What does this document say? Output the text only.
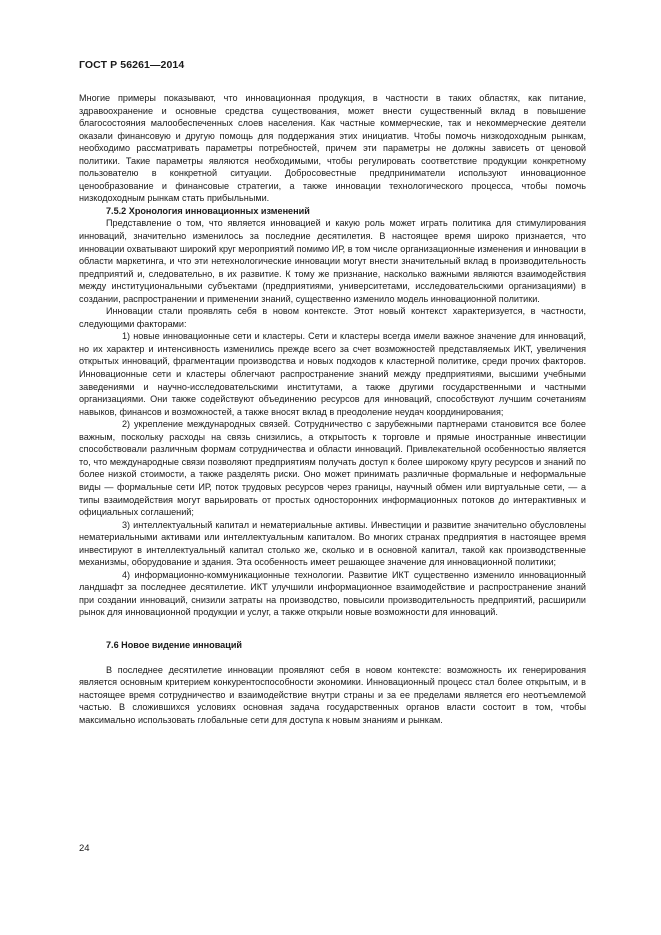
ГОСТ Р 56261—2014

Многие примеры показывают, что инновационная продукция, в частности в таких областях, как питание, здравоохранение и основные средства существования, может внести существенный вклад в повышение благосостояния малообеспеченных слоев населения. Как частные коммерческие, так и некоммерческие деятели оказали финансовую и другую помощь для поддержания этих инициатив. Чтобы помочь низкодоходным рынкам, необходимо рассматривать параметры потребностей, причем эти параметры не должны зависеть от ценовой политики. Такие параметры являются необходимыми, чтобы регулировать соответствие продукции конкретному пользователю в конкретной ситуации. Добросовестные предприниматели используют инновационное ценообразование и финансовые стратегии, а также инновации технологического процесса, чтобы помочь низкодоходным рынкам стать прибыльными.

7.5.2 Хронология инновационных изменений

Представление о том, что является инновацией и какую роль может играть политика для стимулирования инноваций, значительно изменилось за последние десятилетия. В настоящее время широко признается, что инновации охватывают широкий круг мероприятий помимо ИР, в том числе организационные изменения и инновации в области маркетинга, и что эти нетехнологические инновации могут внести значительный вклад в производительность предприятий и, следовательно, в их развитие. К тому же признание, насколько важными являются взаимодействия между институциональными субъектами (предприятиями, университетами, исследовательскими организациями) в создании, распространении и применении знаний, существенно изменило модель инновационной политики.

Инновации стали проявлять себя в новом контексте. Этот новый контекст характеризуется, в частности, следующими факторами:

1) новые инновационные сети и кластеры. Сети и кластеры всегда имели важное значение для инноваций, но их характер и интенсивность изменились прежде всего за счет возможностей представляемых ИКТ, увеличения открытых инноваций, фрагментации производства и новых подходов к кластерной политике, среди прочих факторов. Инновационные сети и кластеры облегчают распространение знаний между предприятиями, высшими учебными заведениями и научно-исследовательскими институтами, а также другими государственными и частными организациями. Они также содействуют объединению ресурсов для инноваций, способствуют лучшим сочетаниям навыков, финансов и возможностей, а также вносят вклад в преодоление неудач координирования;

2) укрепление международных связей. Сотрудничество с зарубежными партнерами становится все более важным, поскольку расходы на связь снизились, а открытость к торговле и прямые иностранные инвестиции способствовали различным формам сотрудничества и области инноваций. Привлекательной особенностью является то, что международные связи позволяют предприятиям получать доступ к более широкому кругу ресурсов и знаний по более низкой стоимости, а также разделять риски. Оно может принимать различные формальные и неформальные виды — формальные сети ИР, поток трудовых ресурсов через границы, научный обмен или виртуальные сети, — а типы взаимодействия могут варьировать от простых односторонних информационных потоков до интерактивных и официальных соглашений;

3) интеллектуальный капитал и нематериальные активы. Инвестиции и развитие значительно обусловлены нематериальными активами или интеллектуальным капиталом. Во многих странах предприятия в настоящее время инвестируют в интеллектуальный капитал столько же, сколько и в основной капитал, такой как производственные механизмы, оборудование и здания. Эта особенность имеет решающее значение для инновационной политики;

4) информационно-коммуникационные технологии. Развитие ИКТ существенно изменило инновационный ландшафт за последнее десятилетие. ИКТ улучшили информационное взаимодействие и распространение знаний при создании инноваций, снизили затраты на производство, повысили производительность предприятий, расширили рынок для инновационной продукции и услуг, а также открыли новые возможности для инноваций.

7.6 Новое видение инноваций

В последнее десятилетие инновации проявляют себя в новом контексте: возможность их генерирования является основным критерием конкурентоспособности экономики. Инновационный процесс стал более открытым, и в настоящее время сотрудничество и взаимодействие внутри страны и за ее пределами является его неотъемлемой частью. В сложившихся условиях основная задача государственных органов власти состоит в том, чтобы максимально использовать глобальные сети для доступа к новым знаниям и рынкам.

24
